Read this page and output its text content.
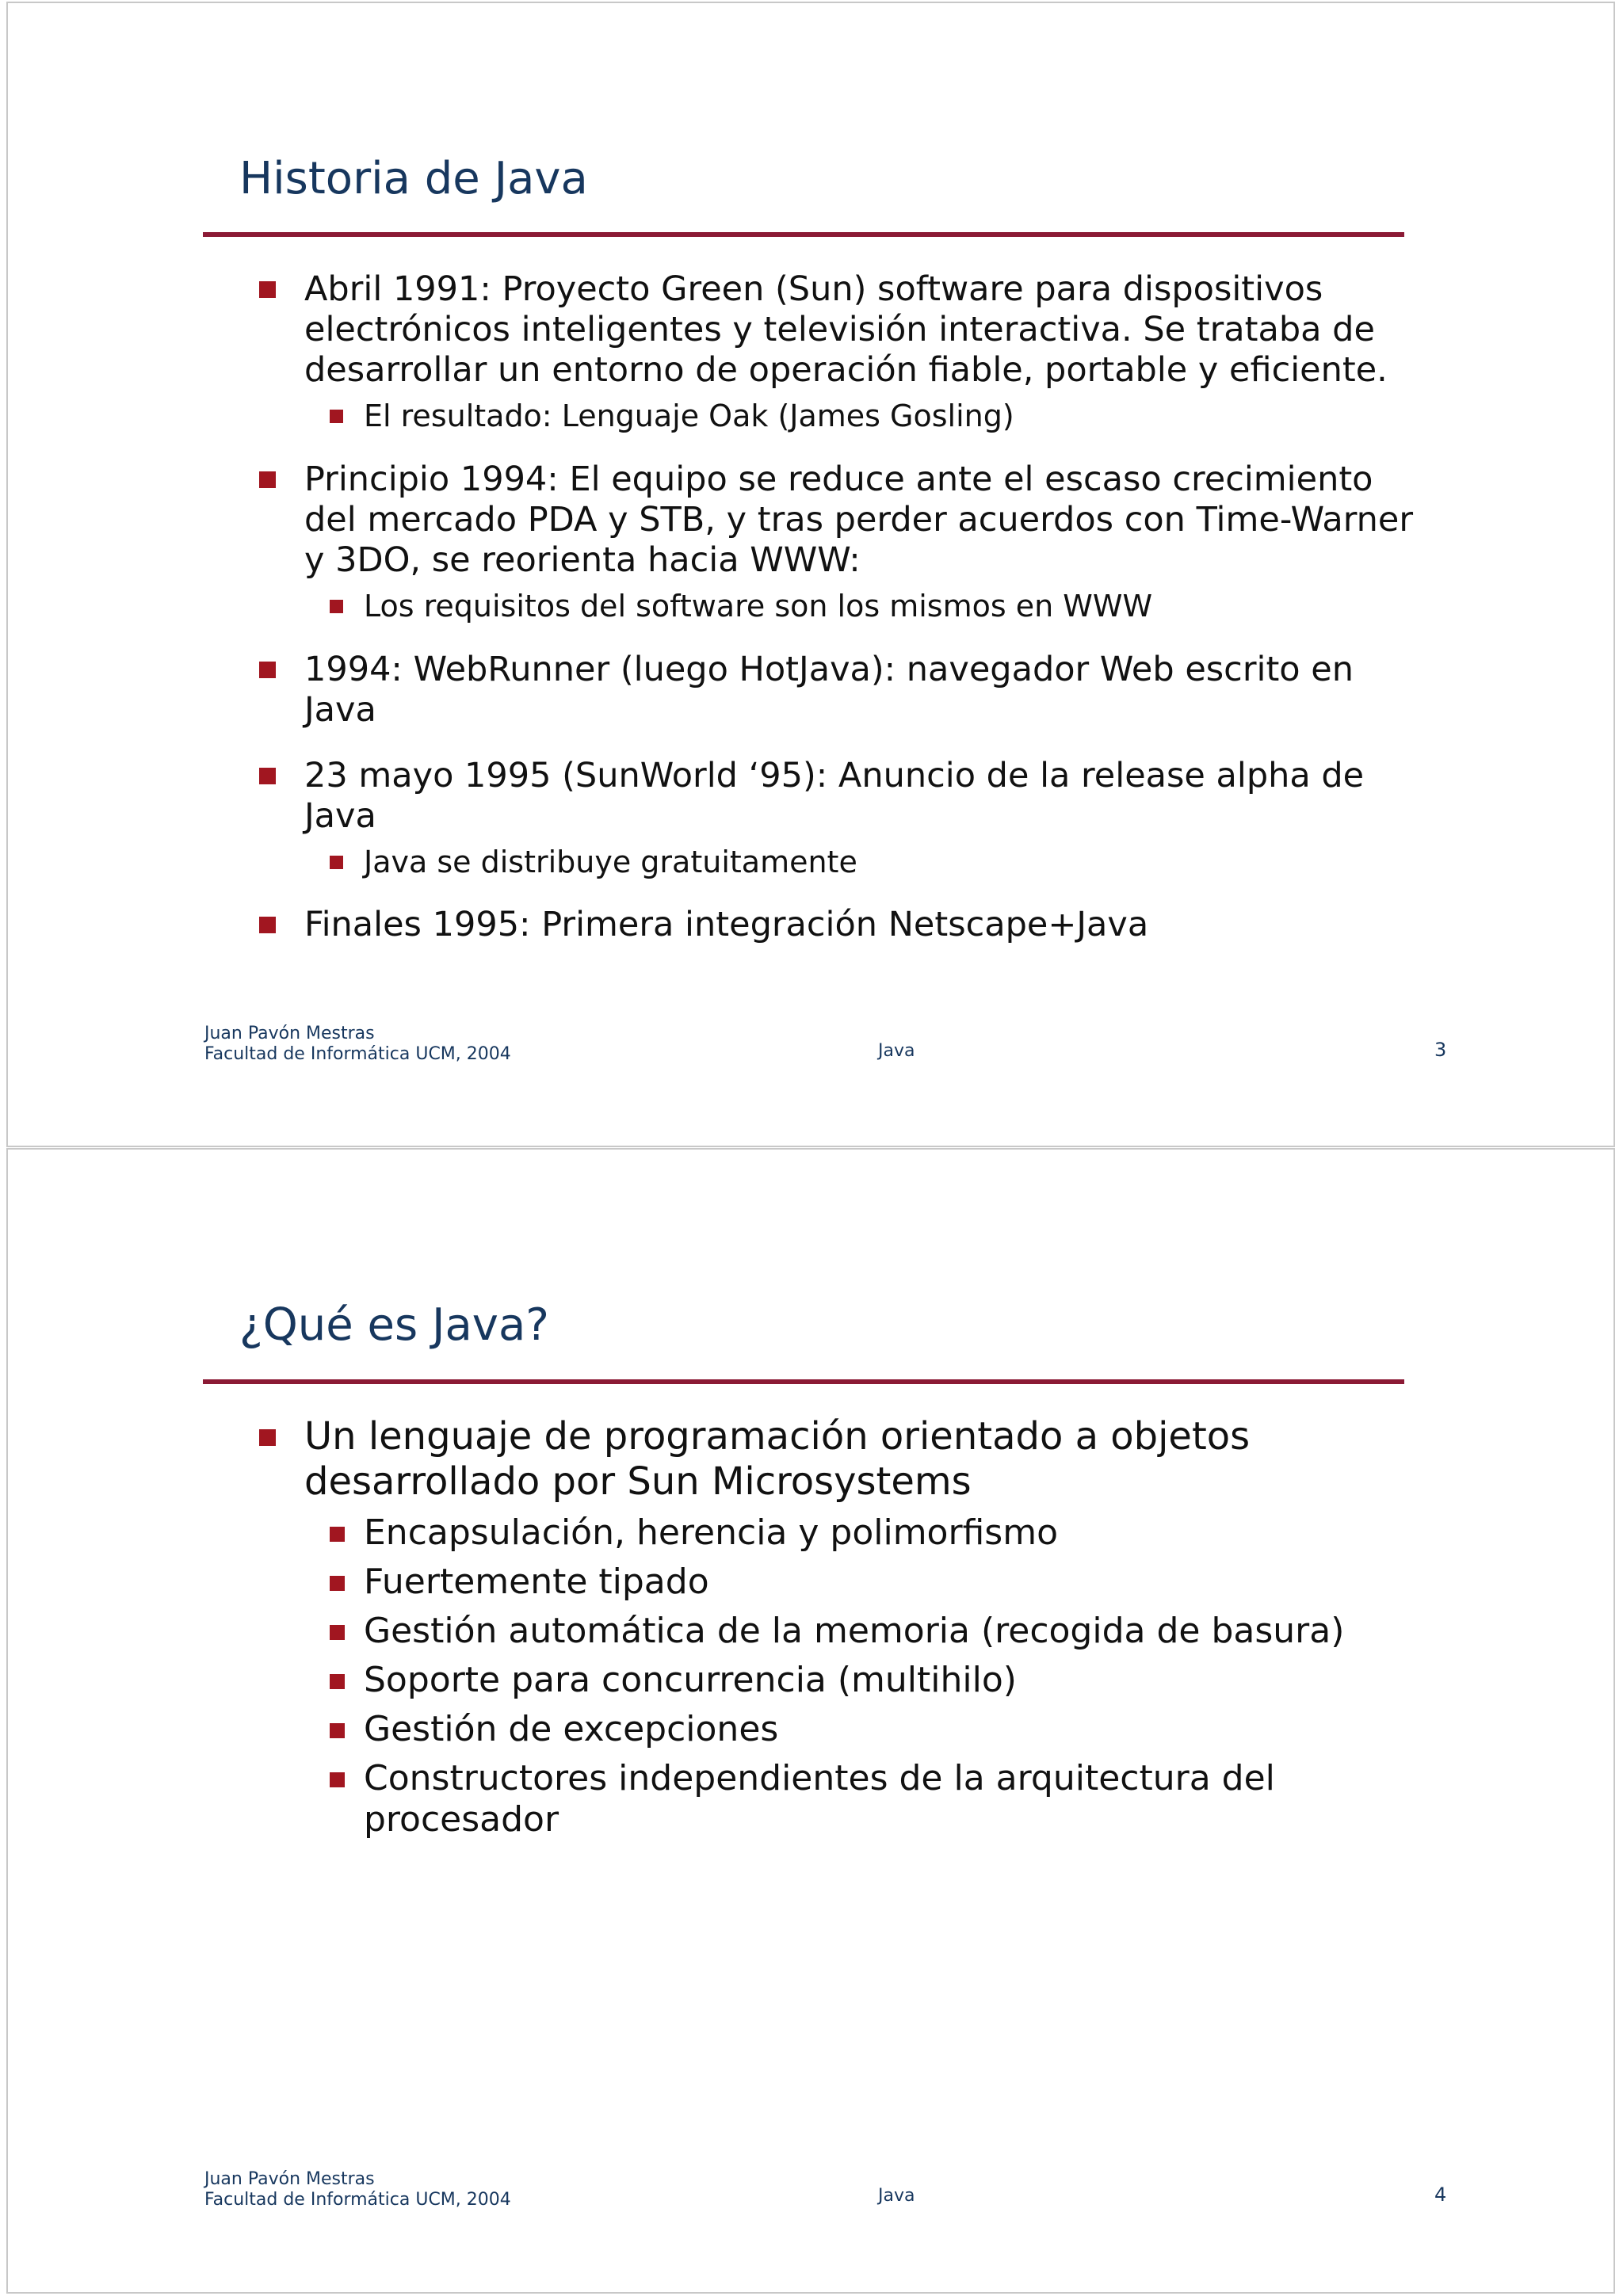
Historia de Java
Abril 1991: Proyecto Green (Sun) software para dispositivos electrónicos inteligentes y televisión interactiva. Se trataba de desarrollar un entorno de operación fiable, portable y eficiente.
El resultado: Lenguaje Oak (James Gosling)
Principio 1994: El equipo se reduce ante el escaso crecimiento del mercado PDA y STB, y tras perder acuerdos con Time-Warner y 3DO, se reorienta hacia WWW:
Los requisitos del software son los mismos en WWW
1994: WebRunner (luego HotJava): navegador Web escrito en Java
23 mayo 1995 (SunWorld ‘95): Anuncio de la release alpha de Java
Java se distribuye gratuitamente
Finales 1995: Primera integración Netscape+Java
Juan Pavón Mestras
Facultad de Informática UCM, 2004	Java	3
¿Qué es Java?
Un lenguaje de programación orientado a objetos desarrollado por Sun Microsystems
Encapsulación, herencia y polimorfismo
Fuertemente tipado
Gestión automática de la memoria (recogida de basura)
Soporte para concurrencia (multihilo)
Gestión de excepciones
Constructores independientes de la arquitectura del procesador
Juan Pavón Mestras
Facultad de Informática UCM, 2004	Java	4
